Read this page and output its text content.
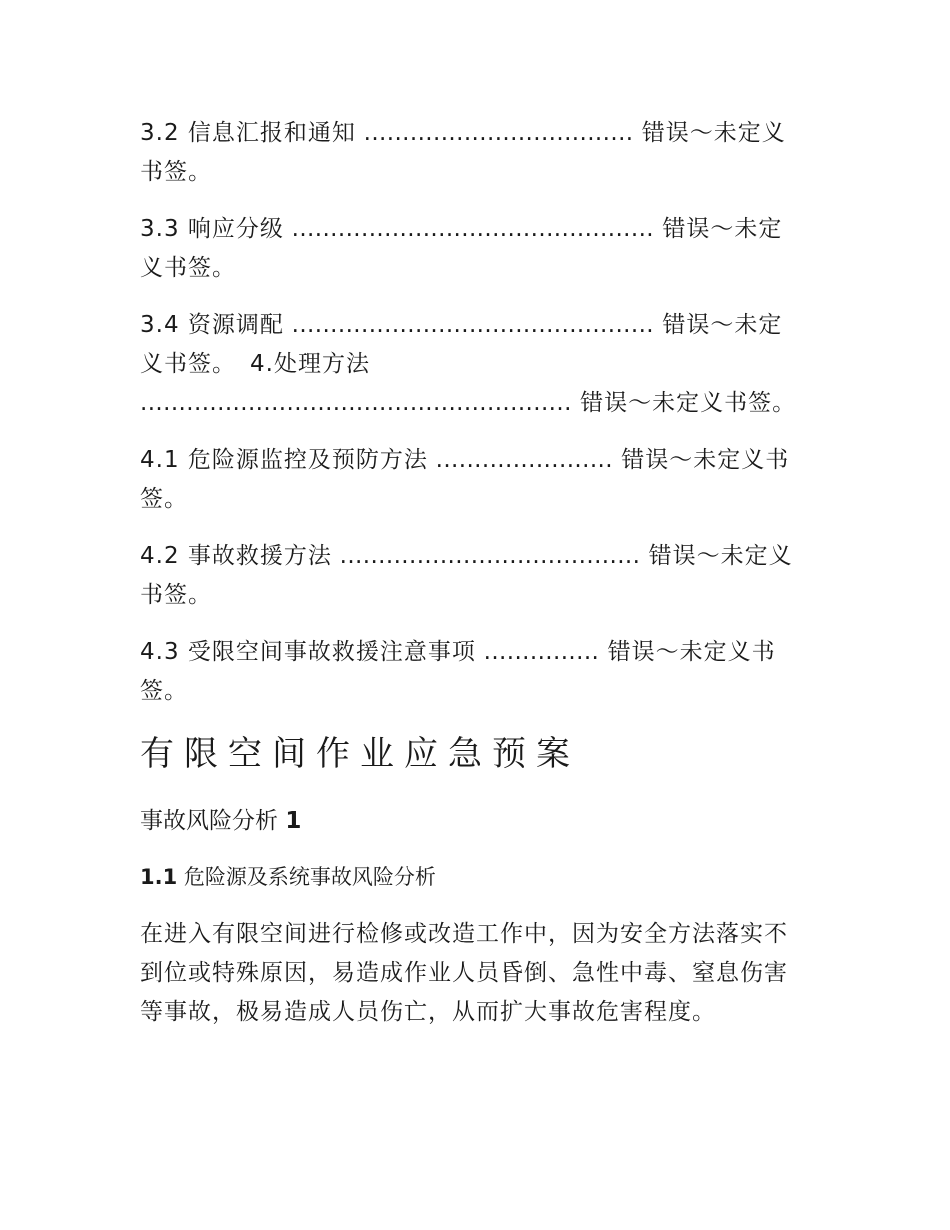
3.2 信息汇报和通知 ................................... 错误～未定义书签。

3.3 响应分级 ............................................... 错误～未定义书签。

3.4 资源调配 ............................................... 错误～未定义书签。 4.处理方法 ........................................................ 错误～未定义书签。

4.1 危险源监控及预防方法 ....................... 错误～未定义书签。

4.2 事故救援方法 ....................................... 错误～未定义书签。

4.3 受限空间事故救援注意事项 ............... 错误～未定义书签。

有限空间作业应急预案

事故风险分析 1

1.1 危险源及系统事故风险分析

在进入有限空间进行检修或改造工作中，因为安全方法落实不到位或特殊原因，易造成作业人员昏倒、急性中毒、窒息伤害等事故，极易造成人员伤亡，从而扩大事故危害程度。
